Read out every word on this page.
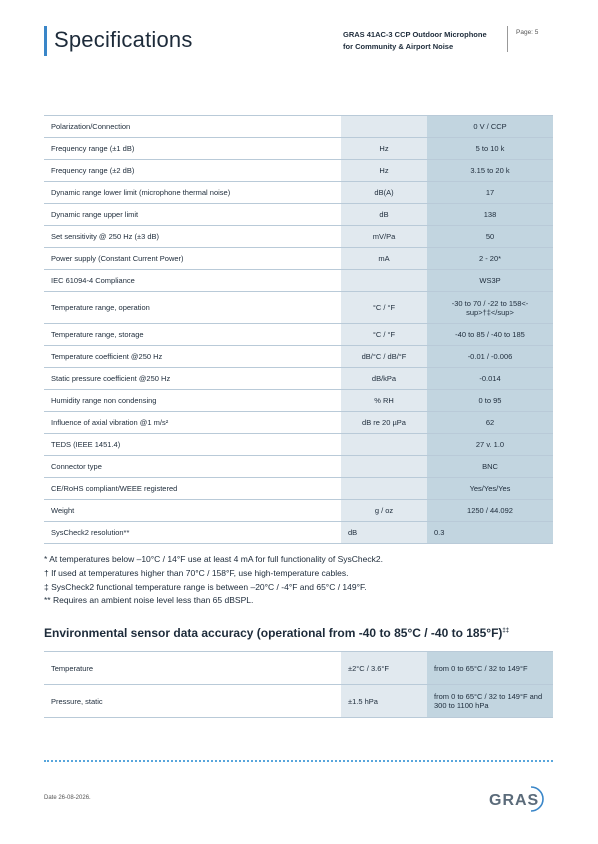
Specifications	GRAS 41AC-3 CCP Outdoor Microphone for Community & Airport Noise
Page: 5
Polarization/Connection		0 V / CCP
Frequency range (±1 dB)	Hz	5 to 10 k
Frequency range (±2 dB)	Hz	3.15 to 20 k
Dynamic range lower limit (microphone thermal noise)	dB(A)	17
Dynamic range upper limit	dB	138
Set sensitivity @ 250 Hz (±3 dB)	mV/Pa	50
Power supply (Constant Current Power)	mA	2 - 20*
IEC 61094-4 Compliance		WS3P
Temperature range, operation	°C / °F	-30 to 70 / -22 to 158<-sup>†‡</sup>
Temperature range, storage	°C / °F	-40 to 85 / -40 to 185
Temperature coefficient @250 Hz	dB/°C / dB/°F	-0.01 / -0.006
Static pressure coefficient @250 Hz	dB/kPa	-0.014
Humidity range non condensing	% RH	0 to 95
Influence of axial vibration @1 m/s²	dB re 20 µPa	62
TEDS (IEEE 1451.4)		27 v. 1.0
Connector type		BNC
CE/RoHS compliant/WEEE registered		Yes/Yes/Yes
Weight	g / oz	1250 / 44.092
SysCheck2 resolution**	dB	0.3
* At temperatures below –10°C / 14°F use at least 4 mA for full functionality of SysCheck2.
† If used at temperatures higher than 70°C / 158°F, use high-temperature cables.
‡ SysCheck2 functional temperature range is between –20°C / -4°F and 65°C / 149°F.
** Requires an ambient noise level less than 65 dBSPL.
Environmental sensor data accuracy (operational from -40 to 85°C / -40 to 185°F)‡‡
Temperature	±2°C / 3.6°F	from 0 to 65°C / 32 to 149°F
Pressure, static	±1.5 hPa	from 0 to 65°C / 32 to 149°F and 300 to 1100 hPa
Date 26-08-2026.	GRAS
